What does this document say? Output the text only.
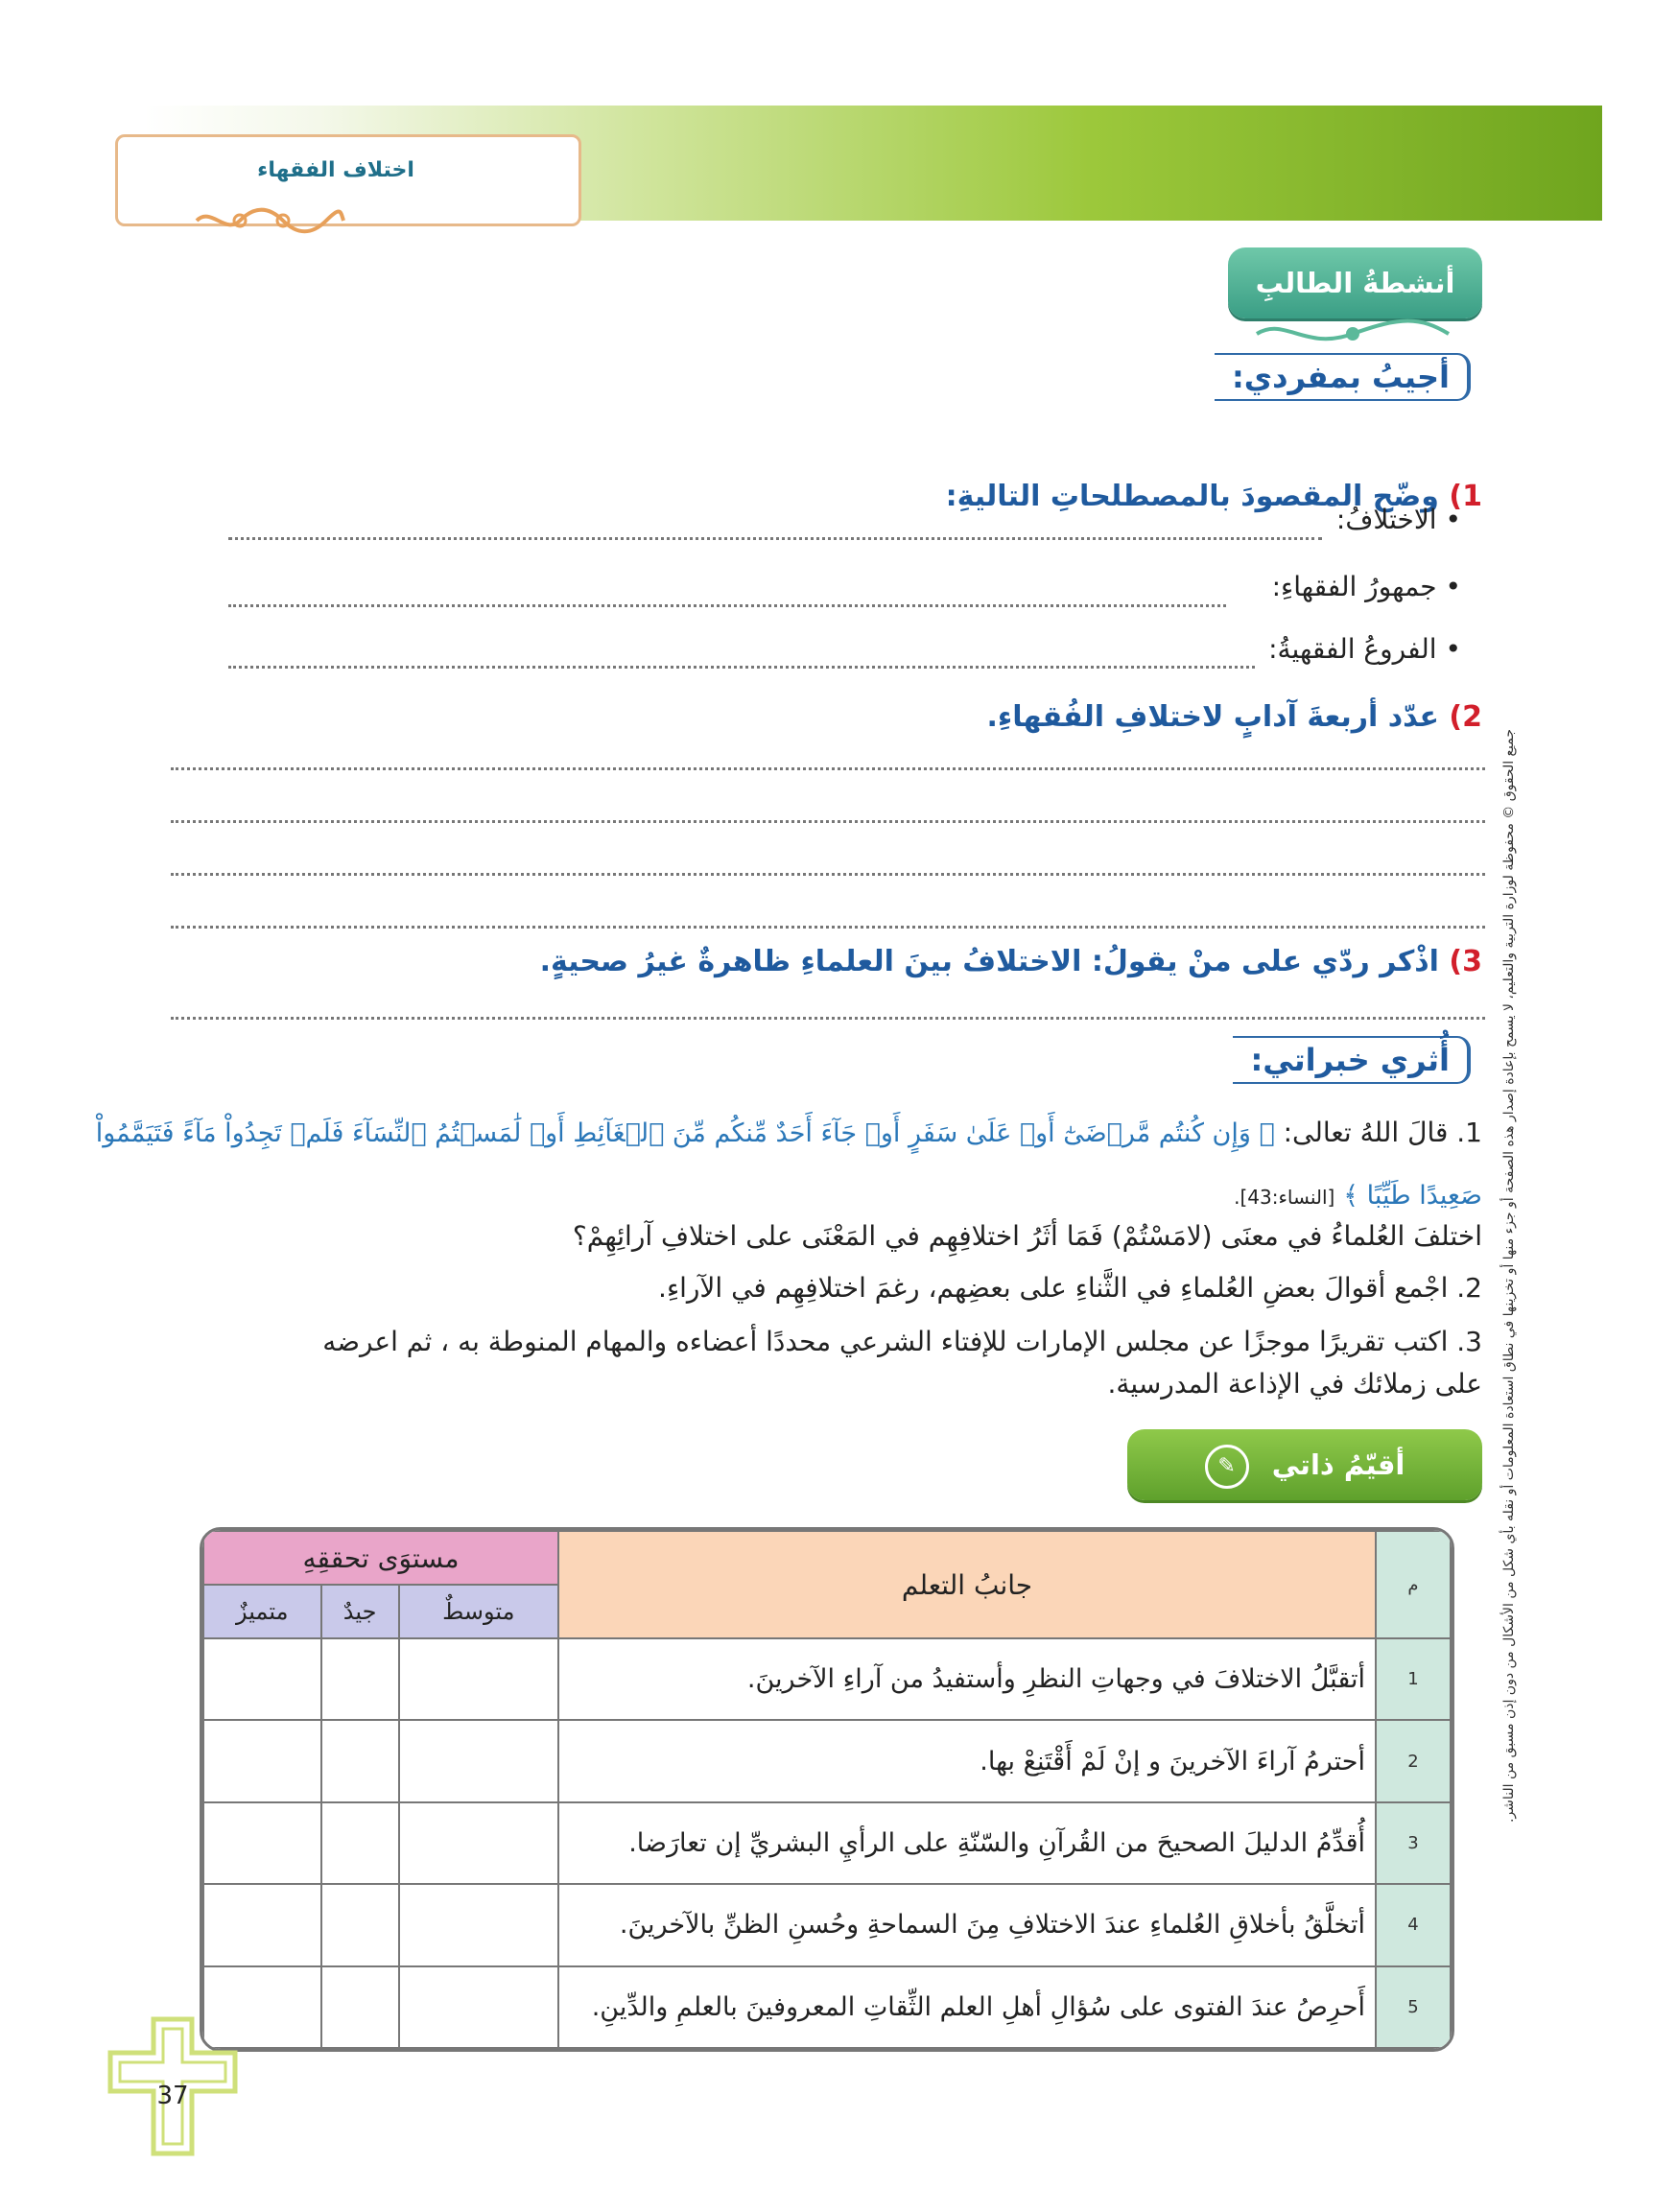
اختلاف الفقهاء
أنشطةُ الطالبِ
أجيبُ بمفردي:
1) وضّح المقصودَ بالمصطلحاتِ التاليةِ:
• الاختلافُ:
• جمهورُ الفقهاءِ:
• الفروعُ الفقهيةُ:
2) عدّد أربعةَ آدابٍ لاختلافِ الفُقهاءِ.
3) اذْكر ردّي على منْ يقولُ: الاختلافُ بينَ العلماءِ ظاهرةٌ غيرُ صحيةٍ.
أُثري خبراتي:
1. قالَ اللهُ تعالى: ﴿ وَإِن كُنتُم مَّرۡضَىٰٓ أَوۡ عَلَىٰ سَفَرٍ أَوۡ جَآءَ أَحَدٌ مِّنكُم مِّنَ ٱلۡغَآئِطِ أَوۡ لَٰمَسۡتُمُ ٱلنِّسَآءَ فَلَمۡ تَجِدُواْ مَآءً فَتَيَمَّمُواْ
صَعِيدًا طَيِّبًا ﴾ [النساء:43].
اختلفَ العُلماءُ في معنَى (لامَسْتُمْ) فَمَا أثَرُ اختلافِهِم في المَعْنَى على اختلافِ آرائِهِمْ؟
2. اجْمع أقوالَ بعضِ العُلماءِ في الثَّناءِ على بعضِهم، رغمَ اختلافِهِم في الآراءِ.
3. اكتب تقريرًا موجزًا عن مجلس الإمارات للإفتاء الشرعي محددًا أعضاءه والمهام المنوطة به ، ثم اعرضه
على زملائك في الإذاعة المدرسية.
أقيّمُ ذاتي ✎
م	جانبُ التعلم	مستوَى تحققِهِ		
		متوسطٌ	جيدٌ	متميزٌ
1	أتقبَّلُ الاختلافَ في وجهاتِ النظرِ وأستفيدُ من آراءِ الآخرينَ.			
2	أحترمُ آراءَ الآخرينَ و إنْ لَمْ أَقْتَنِعْ بها.			
3	أُقدِّمُ الدليلَ الصحيحَ من القُرآنِ والسّنّةِ على الرأيِ البشريِّ إن تعارَضا.			
4	أتخلَّقُ بأخلاقِ العُلماءِ عندَ الاختلافِ مِنَ السماحةِ وحُسنِ الظنِّ بالآخرينَ.			
5	أَحرِصُ عندَ الفتوى على سُؤالِ أهلِ العلم الثِّقاتِ المعروفينَ بالعلمِ والدِّينِ.			
جميع الحقوق © محفوظة لوزارة التربية والتعليم، لا يسمح بإعادة إصدار هذه الصفحة أو جزء منها أو تخزينها في نطاق استعادة المعلومات أو نقله بأي شكل من الأشكال من دون إذن مسبق من الناشر.
37
